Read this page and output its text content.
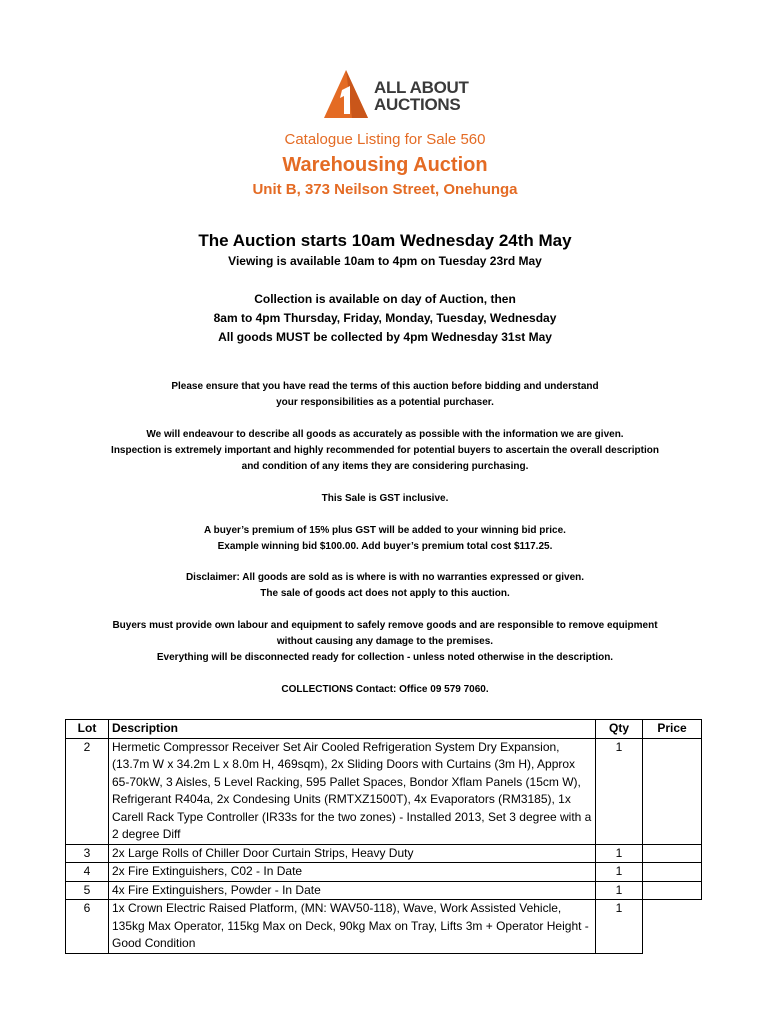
ALL ABOUT
AUCTIONS
Catalogue Listing for Sale 560
Warehousing Auction
Unit B, 373 Neilson Street, Onehunga
The Auction starts 10am Wednesday 24th May
Viewing is available 10am to 4pm on Tuesday 23rd May
Collection is available on day of Auction, then
8am to 4pm Thursday, Friday, Monday, Tuesday, Wednesday
All goods MUST be collected by 4pm Wednesday 31st May
Please ensure that you have read the terms of this auction before bidding and understand
your responsibilities as a potential purchaser.
We will endeavour to describe all goods as accurately as possible with the information we are given.
Inspection is extremely important and highly recommended for potential buyers to ascertain the overall description
and condition of any items they are considering purchasing.
This Sale is GST inclusive.
A buyer’s premium of 15% plus GST will be added to your winning bid price.
Example winning bid $100.00. Add buyer’s premium total cost $117.25.
Disclaimer: All goods are sold as is where is with no warranties expressed or given.
The sale of goods act does not apply to this auction.
Buyers must provide own labour and equipment to safely remove goods and are responsible to remove equipment
without causing any damage to the premises.
Everything will be disconnected ready for collection - unless noted otherwise in the description.
COLLECTIONS Contact: Office 09 579 7060.
Lot	Description	Qty	Price
2	Hermetic Compressor Receiver Set Air Cooled Refrigeration System Dry Expansion, (13.7m W x 34.2m L x 8.0m H, 469sqm), 2x Sliding Doors with Curtains (3m H), Approx 65-70kW, 3 Aisles, 5 Level Racking, 595 Pallet Spaces, Bondor Xflam Panels (15cm W), Refrigerant R404a, 2x Condesing Units (RMTXZ1500T), 4x Evaporators (RM3185), 1x Carell Rack Type Controller (IR33s for the two zones) - Installed 2013, Set 3 degree with a 2 degree Diff	1	
3	2x Large Rolls of Chiller Door Curtain Strips, Heavy Duty	1	
4	2x Fire Extinguishers, C02 - In Date	1	
5	4x Fire Extinguishers, Powder - In Date	1	
6	1x Crown Electric Raised Platform, (MN: WAV50-118), Wave, Work Assisted Vehicle, 135kg Max Operator, 115kg Max on Deck, 90kg Max on Tray, Lifts 3m + Operator Height - Good Condition	1	
